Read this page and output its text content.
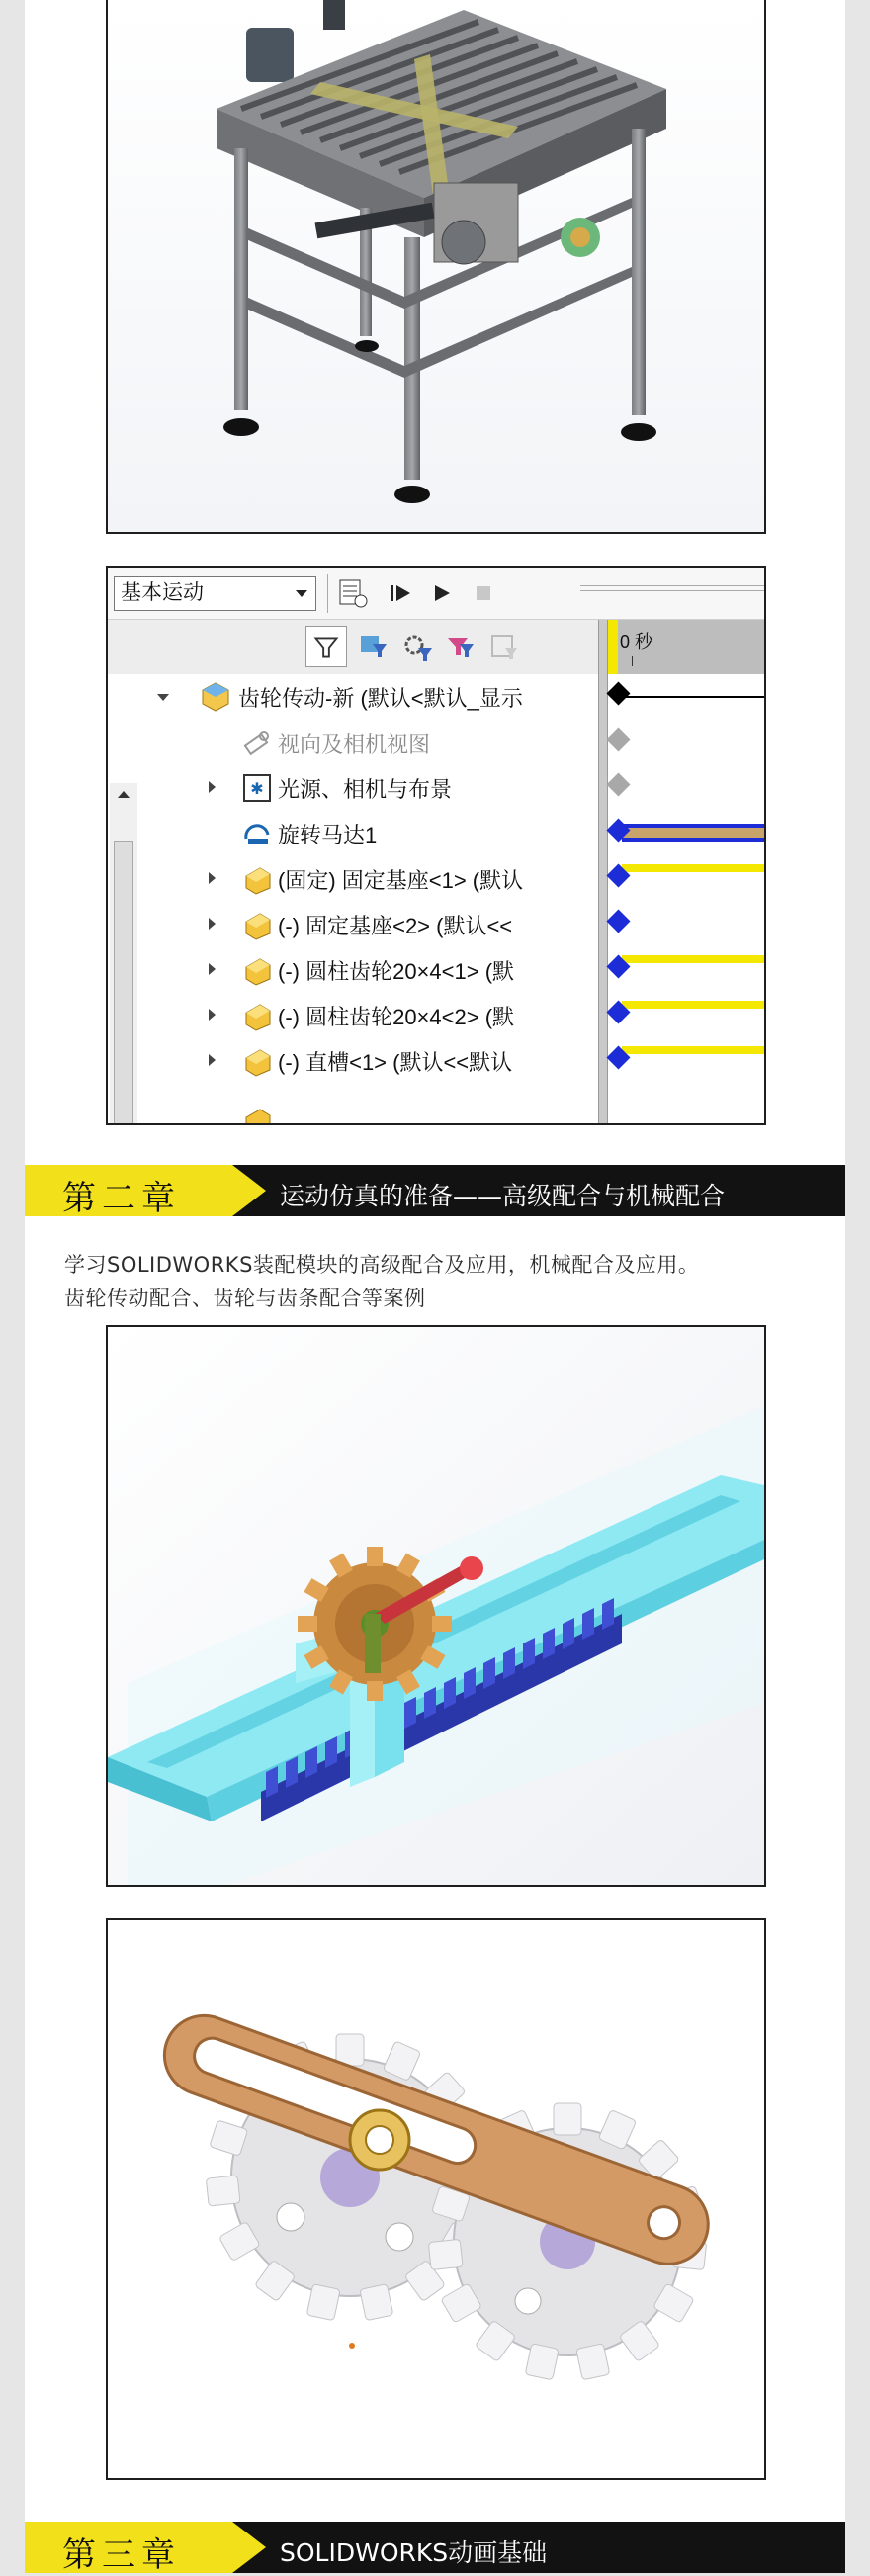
基本运动
0 秒
齿轮传动-新 (默认<默认_显示
视向及相机视图
✱ 光源、相机与布景
旋转马达1
(固定) 固定基座<1> (默认
(-) 固定基座<2> (默认<<
(-) 圆柱齿轮20×4<1> (默
(-) 圆柱齿轮20×4<2> (默
(-) 直槽<1> (默认<<默认
第二章	运动仿真的准备——高级配合与机械配合
学习SOLIDWORKS装配模块的高级配合及应用，机械配合及应用。
齿轮传动配合、齿轮与齿条配合等案例
第三章	SOLIDWORKS动画基础
